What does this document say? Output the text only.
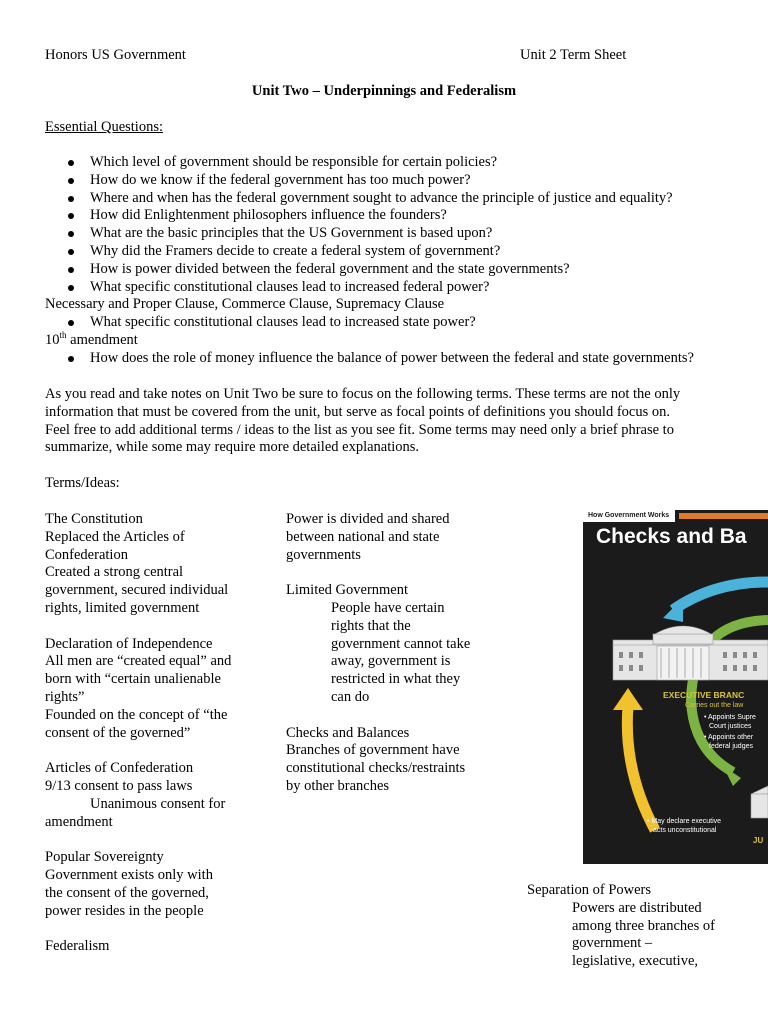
Honors US Government	Unit 2 Term Sheet
Unit Two – Underpinnings and Federalism
Essential Questions:
Which level of government should be responsible for certain policies?
How do we know if the federal government has too much power?
Where and when has the federal government sought to advance the principle of justice and equality?
How did Enlightenment philosophers influence the founders?
What are the basic principles that the US Government is based upon?
Why did the Framers decide to create a federal system of government?
How is power divided between the federal government and the state governments?
What specific constitutional clauses lead to increased federal power?
Necessary and Proper Clause, Commerce Clause, Supremacy Clause
What specific constitutional clauses lead to increased state power?
10th amendment
How does the role of money influence the balance of power between the federal and state governments?
As you read and take notes on Unit Two be sure to focus on the following terms. These terms are not the only
information that must be covered from the unit, but serve as focal points of definitions you should focus on.
Feel free to add additional terms / ideas to the list as you see fit. Some terms may need only a brief phrase to
summarize, while some may require more detailed explanations.
Terms/Ideas:
The Constitution
Replaced the Articles of
Confederation
Created a strong central
government, secured individual
rights, limited government
Declaration of Independence
All men are “created equal” and
born with “certain unalienable
rights”
Founded on the concept of “the
consent of the governed”
Articles of Confederation
9/13 consent to pass laws
Unanimous consent for
amendment
Popular Sovereignty
Government exists only with
the consent of the governed,
power resides in the people
Federalism
Power is divided and shared
between national and state
governments
Limited Government
People have certain
rights that the
government cannot take
away, government is
restricted in what they
can do
Checks and Balances
Branches of government have
constitutional checks/restraints
by other branches
How Government Works
Checks and Ba
EXECUTIVE BRANC
Carries out the law
• Appoints Supre
Court justices
• Appoints other
federal judges
• May declare executive
acts unconstitutional
JU
Separation of Powers
Powers are distributed
among three branches of
government –
legislative, executive,
